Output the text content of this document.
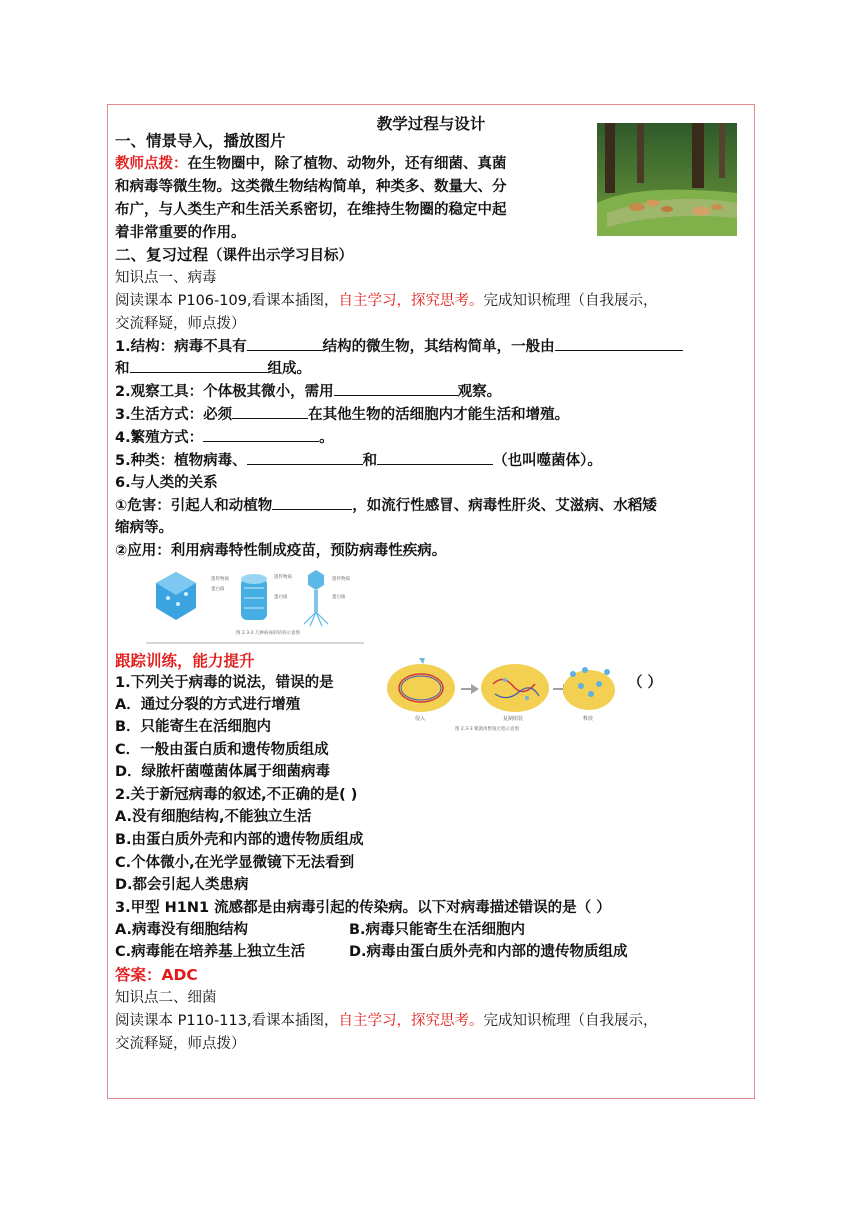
教学过程与设计
一、情景导入，播放图片
教师点拨：在生物圈中，除了植物、动物外，还有细菌、真菌
和病毒等微生物。这类微生物结构简单，种类多、数量大、分
布广，与人类生产和生活关系密切，在维持生物圈的稳定中起
着非常重要的作用。
二、复习过程（课件出示学习目标）
知识点一、病毒
阅读课本 P106-109,看课本插图，自主学习，探究思考。完成知识梳理（自我展示，
交流释疑，师点拨）
1.结构：病毒不具有	结构的微生物，其结构简单，一般由
和	组成。
2.观察工具：个体极其微小，需用	观察。
3.生活方式：必须	在其他生物的活细胞内才能生活和增殖。
4.繁殖方式：	。
5.种类：植物病毒、	和	（也叫噬菌体）。
6.与人类的关系
①危害：引起人和动植物	，如流行性感冒、病毒性肝炎、艾滋病、水稻矮
缩病等。
②应用：利用病毒特性制成疫苗，预防病毒性疾病。
遗传物质
蛋白质
遗传物质
蛋白质
遗传物质
蛋白质
图 2.3-2 几种病毒的结构示意图
侵入	复制组装	释放
图 2.3-3 噬菌体繁殖过程示意图
跟踪训练，能力提升
1.下列关于病毒的说法，错误的是	（ ）
A．通过分裂的方式进行增殖
B．只能寄生在活细胞内
C．一般由蛋白质和遗传物质组成
D．绿脓杆菌噬菌体属于细菌病毒
2.关于新冠病毒的叙述,不正确的是( )
A.没有细胞结构,不能独立生活
B.由蛋白质外壳和内部的遗传物质组成
C.个体微小,在光学显微镜下无法看到
D.都会引起人类患病
3.甲型 H1N1 流感都是由病毒引起的传染病。以下对病毒描述错误的是（ ）
A.病毒没有细胞结构	B.病毒只能寄生在活细胞内
C.病毒能在培养基上独立生活	D.病毒由蛋白质外壳和内部的遗传物质组成
答案：ADC
知识点二、细菌
阅读课本 P110-113,看课本插图，自主学习，探究思考。完成知识梳理（自我展示，
交流释疑，师点拨）
